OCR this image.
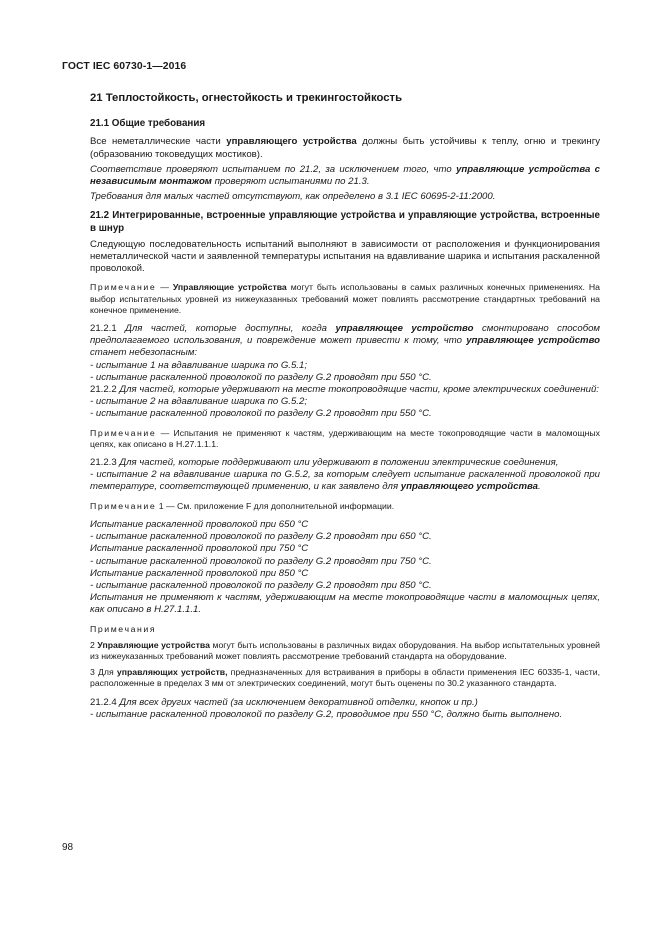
ГОСТ IEC 60730-1—2016

21 Теплостойкость, огнестойкость и трекингостойкость

21.1 Общие требования

Все неметаллические части управляющего устройства должны быть устойчивы к теплу, огню и трекингу (образованию токоведущих мостиков).

Соответствие проверяют испытанием по 21.2, за исключением того, что управляющие устройства с независимым монтажом проверяют испытаниями по 21.3.

Требования для малых частей отсутствуют, как определено в 3.1 IEC 60695-2-11:2000.

21.2 Интегрированные, встроенные управляющие устройства и управляющие устройства, встроенные в шнур

Следующую последовательность испытаний выполняют в зависимости от расположения и функционирования неметаллической части и заявленной температуры испытания на вдавливание шарика и испытания раскаленной проволокой.

Примечание — Управляющие устройства могут быть использованы в самых различных конечных применениях. На выбор испытательных уровней из нижеуказанных требований может повлиять рассмотрение стандартных требований на конечное применение.

21.2.1 Для частей, которые доступны, когда управляющее устройство смонтировано способом предполагаемого использования, и повреждение может привести к тому, что управляющее устройство станет небезопасным:

- испытание 1 на вдавливание шарика по G.5.1;

- испытание раскаленной проволокой по разделу G.2 проводят при 550 °C.

21.2.2 Для частей, которые удерживают на месте токопроводящие части, кроме электрических соединений:

- испытание 2 на вдавливание шарика по G.5.2;

- испытание раскаленной проволокой по разделу G.2 проводят при 550 °C.

Примечание — Испытания не применяют к частям, удерживающим на месте токопроводящие части в маломощных цепях, как описано в H.27.1.1.1.

21.2.3 Для частей, которые поддерживают или удерживают в положении электрические соединения,

- испытание 2 на вдавливание шарика по G.5.2, за которым следует испытание раскаленной проволокой при температуре, соответствующей применению, и как заявлено для управляющего устройства.

Примечание 1 — См. приложение F для дополнительной информации.

Испытание раскаленной проволокой при 650 °C

- испытание раскаленной проволокой по разделу G.2 проводят при 650 °C.

Испытание раскаленной проволокой при 750 °C

- испытание раскаленной проволокой по разделу G.2 проводят при 750 °C.

Испытание раскаленной проволокой при 850 °C

- испытание раскаленной проволокой по разделу G.2 проводят при 850 °C.

Испытания не применяют к частям, удерживающим на месте токопроводящие части в маломощных цепях, как описано в H.27.1.1.1.

Примечания

2 Управляющие устройства могут быть использованы в различных видах оборудования. На выбор испытательных уровней из нижеуказанных требований может повлиять рассмотрение требований стандарта на оборудование.

3 Для управляющих устройств, предназначенных для встраивания в приборы в области применения IEC 60335-1, части, расположенные в пределах 3 мм от электрических соединений, могут быть оценены по 30.2 указанного стандарта.

21.2.4 Для всех других частей (за исключением декоративной отделки, кнопок и пр.)

- испытание раскаленной проволокой по разделу G.2, проводимое при 550 °C, должно быть выполнено.

98
